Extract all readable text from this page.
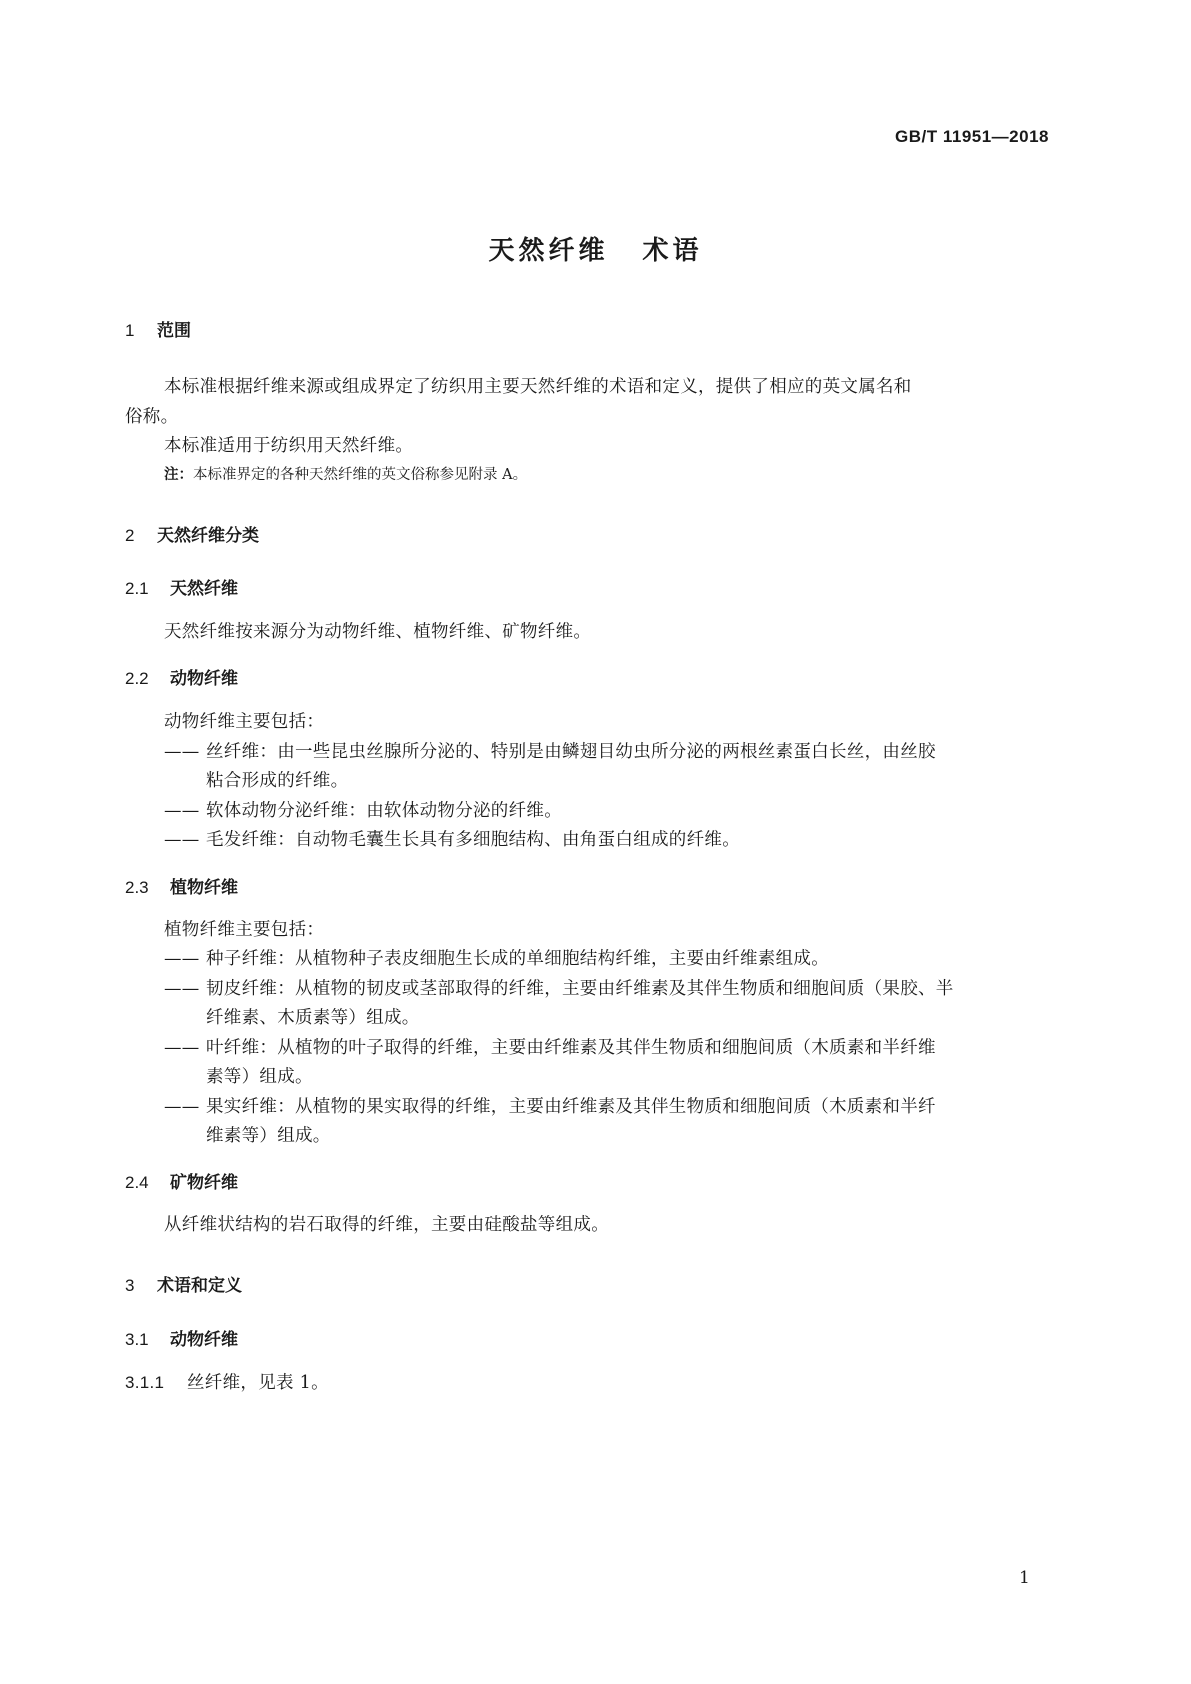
GB/T 11951—2018
天然纤维 术语
1 范围
本标准根据纤维来源或组成界定了纺织用主要天然纤维的术语和定义，提供了相应的英文属名和
俗称。
本标准适用于纺织用天然纤维。
注：本标准界定的各种天然纤维的英文俗称参见附录 A。
2 天然纤维分类
2.1 天然纤维
天然纤维按来源分为动物纤维、植物纤维、矿物纤维。
2.2 动物纤维
动物纤维主要包括：
—— 丝纤维：由一些昆虫丝腺所分泌的、特别是由鳞翅目幼虫所分泌的两根丝素蛋白长丝，由丝胶
粘合形成的纤维。
—— 软体动物分泌纤维：由软体动物分泌的纤维。
—— 毛发纤维：自动物毛囊生长具有多细胞结构、由角蛋白组成的纤维。
2.3 植物纤维
植物纤维主要包括：
—— 种子纤维：从植物种子表皮细胞生长成的单细胞结构纤维，主要由纤维素组成。
—— 韧皮纤维：从植物的韧皮或茎部取得的纤维，主要由纤维素及其伴生物质和细胞间质（果胶、半
纤维素、木质素等）组成。
—— 叶纤维：从植物的叶子取得的纤维，主要由纤维素及其伴生物质和细胞间质（木质素和半纤维
素等）组成。
—— 果实纤维：从植物的果实取得的纤维，主要由纤维素及其伴生物质和细胞间质（木质素和半纤
维素等）组成。
2.4 矿物纤维
从纤维状结构的岩石取得的纤维，主要由硅酸盐等组成。
3 术语和定义
3.1 动物纤维
3.1.1 丝纤维，见表 1。
1
